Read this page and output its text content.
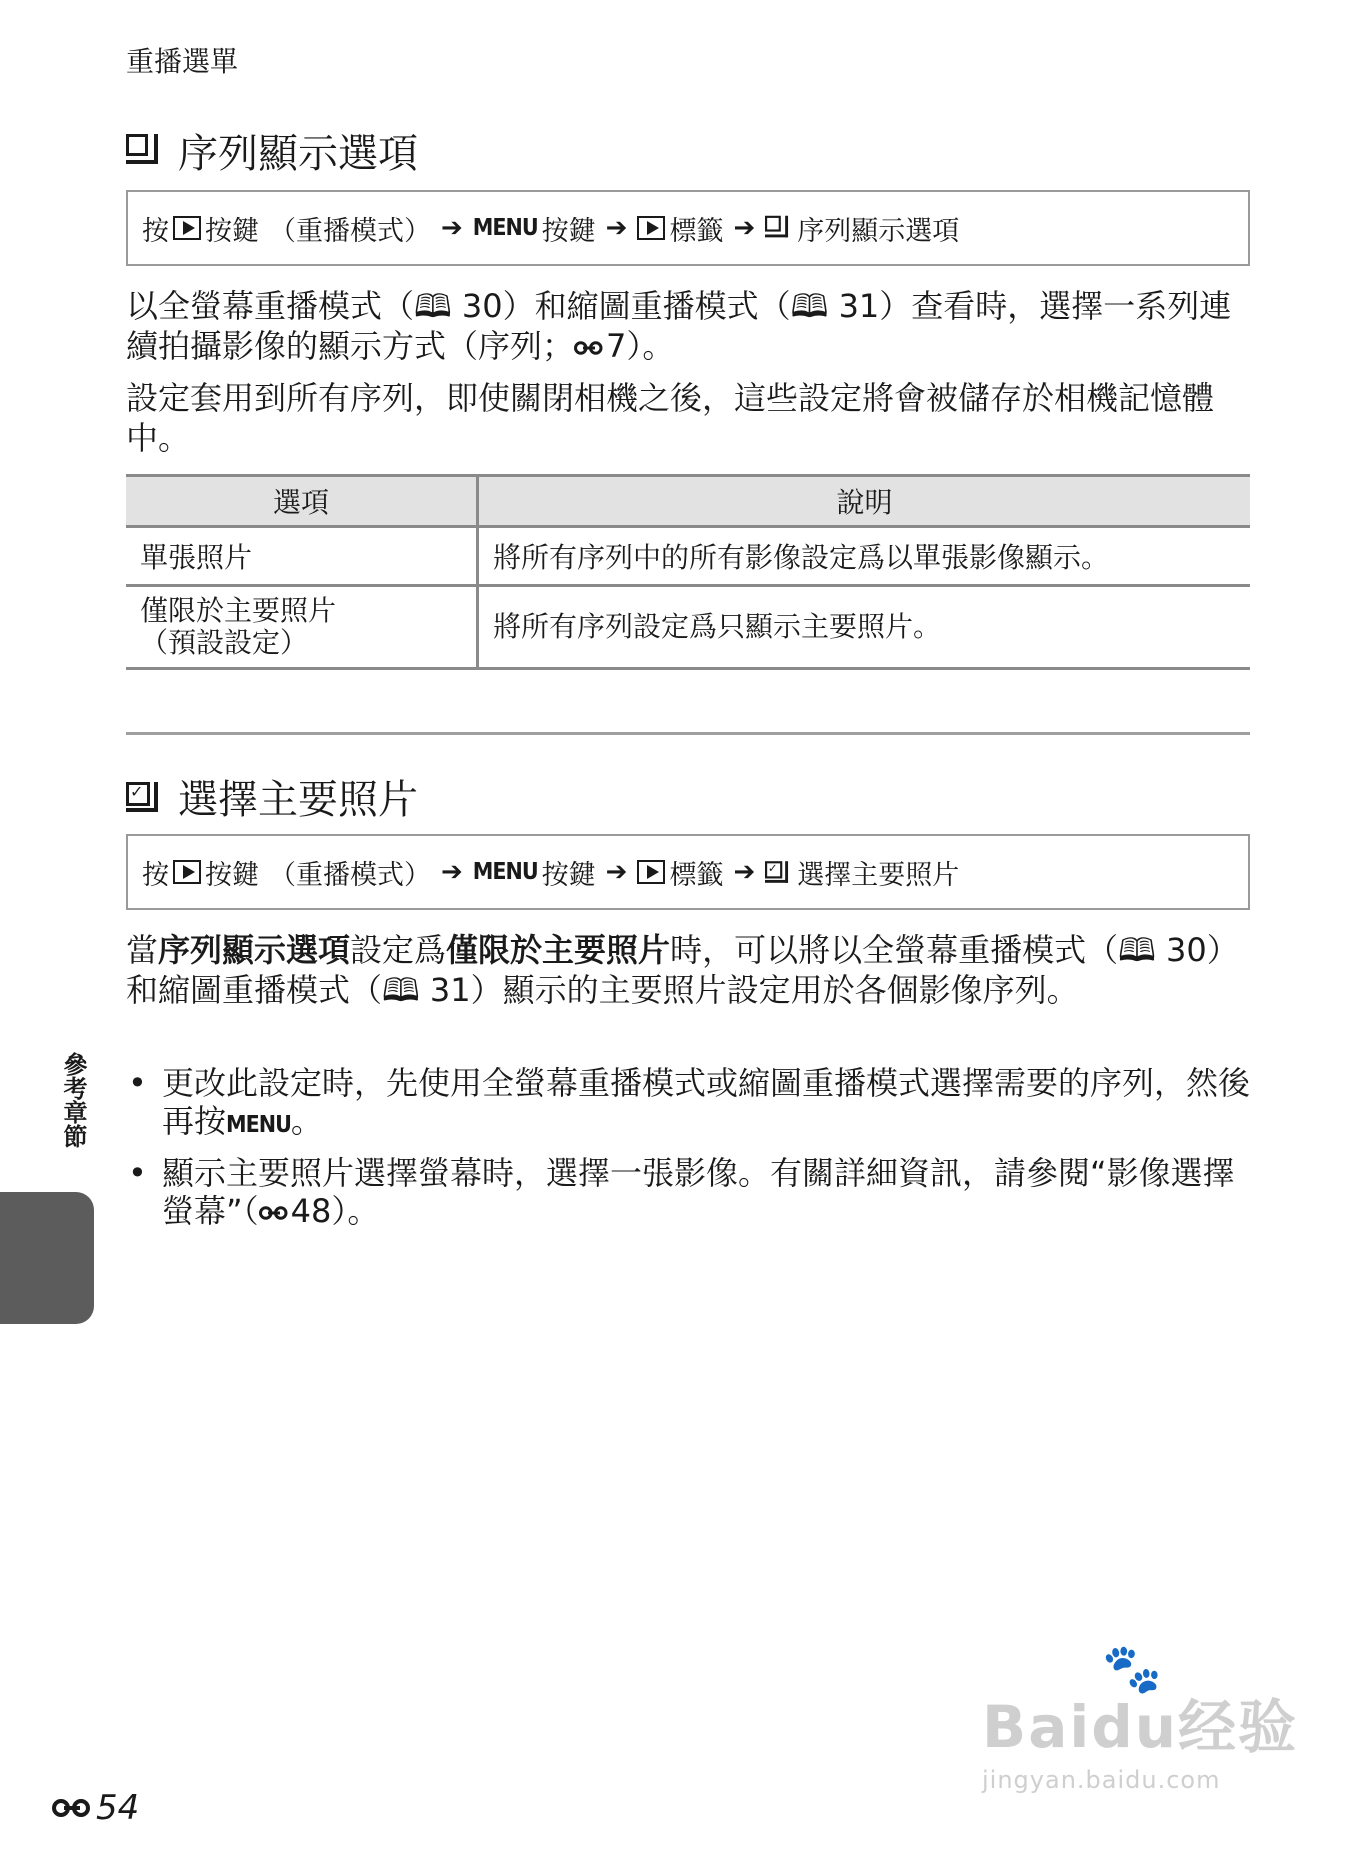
重播選單
序列顯示選項
按 按鍵 （重播模式） ➔ MENU 按鍵 ➔ 標籤 ➔ 序列顯示選項
以全螢幕重播模式（🕮 30）和縮圖重播模式（🕮 31）查看時，選擇一系列連續拍攝影像的顯示方式（序列； 7）。
設定套用到所有序列，即使關閉相機之後，這些設定將會被儲存於相機記憶體中。
選項	說明
單張照片	將所有序列中的所有影像設定爲以單張影像顯示。

僅限於主要照片
（預設設定）	將所有序列設定爲只顯示主要照片。
✓ 選擇主要照片
按 按鍵 （重播模式） ➔ MENU 按鍵 ➔ 標籤 ➔ ✓ 選擇主要照片
當序列顯示選項設定爲僅限於主要照片時，可以將以全螢幕重播模式（🕮 30）和縮圖重播模式（🕮 31）顯示的主要照片設定用於各個影像序列。
• 更改此設定時，先使用全螢幕重播模式或縮圖重播模式選擇需要的序列，然後再按MENU。
• 顯示主要照片選擇螢幕時，選擇一張影像。有關詳細資訊，請參閱“影像選擇螢幕”（ 48）。
參考章節
54
🐾
Baidu经验
jingyan.baidu.com
